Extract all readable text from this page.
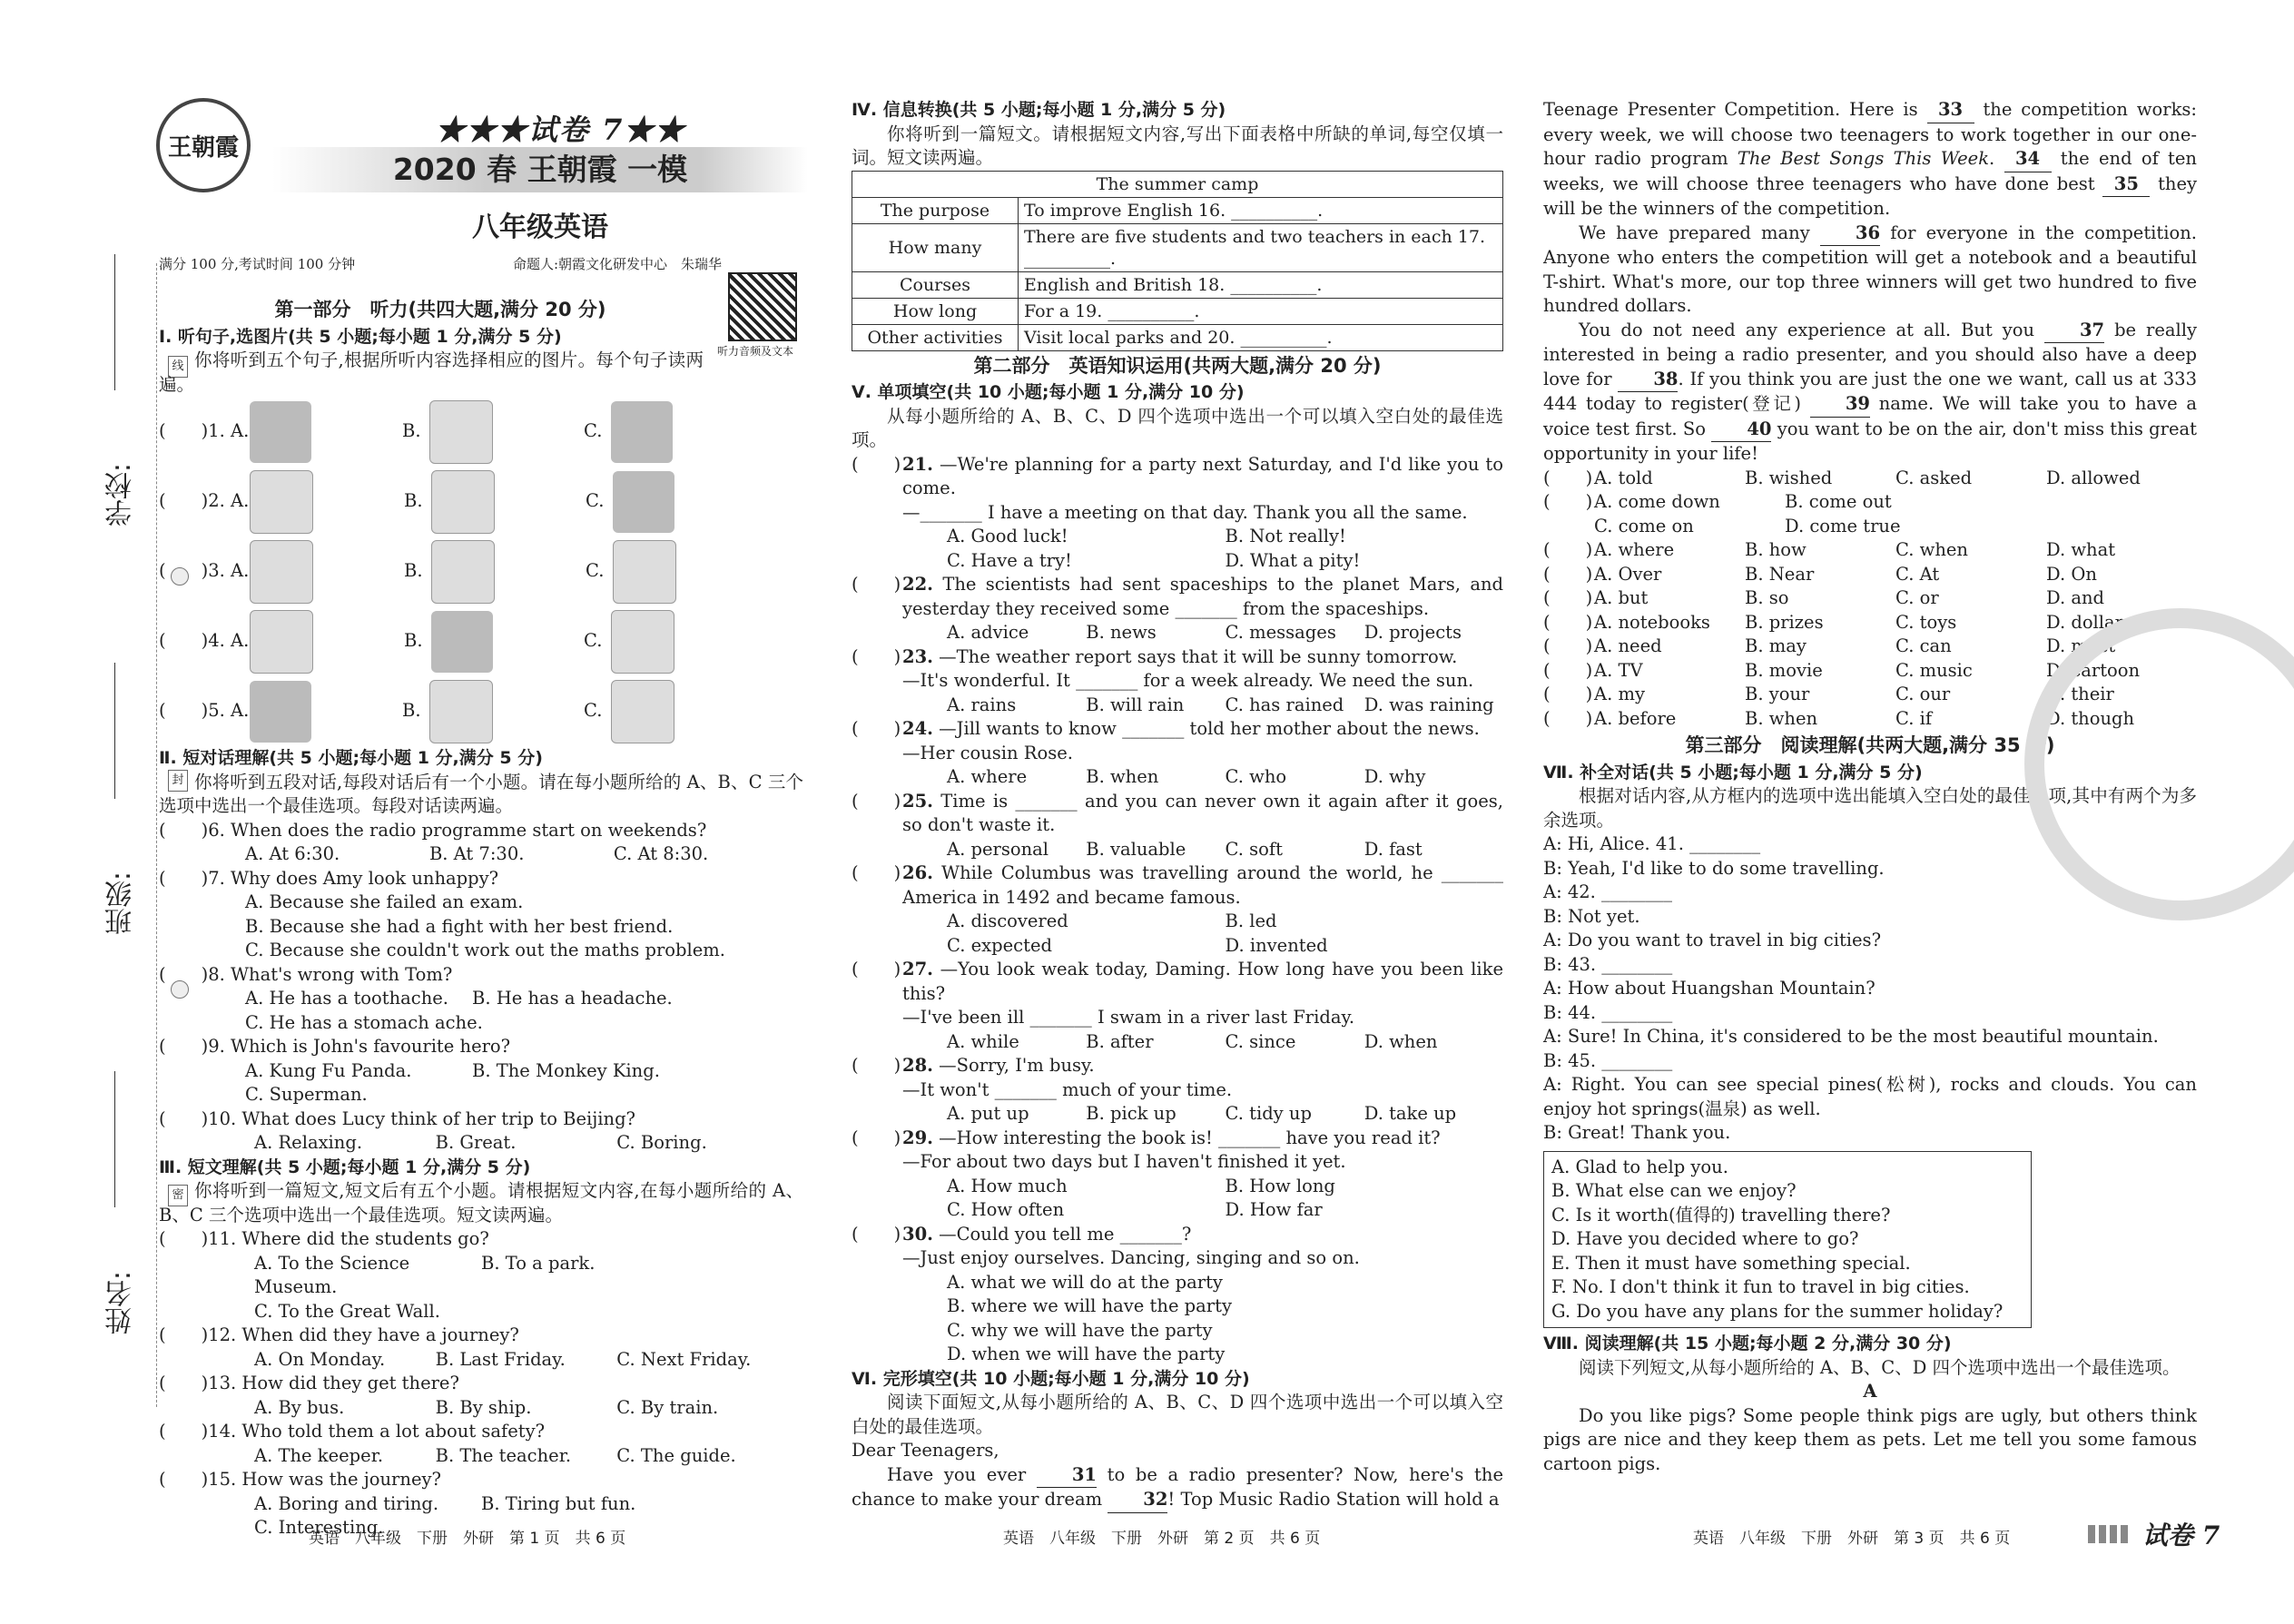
学校:
班级:
姓名:
线
封
密
王朝霞
★★★试卷 7★★
2020 春 王朝霞 一模
八年级英语
满分 100 分,考试时间 100 分钟	命题人:朝霞文化研发中心　朱瑞华
听力音频及文本
第一部分　听力(共四大题,满分 20 分)
Ⅰ. 听句子,选图片(共 5 小题;每小题 1 分,满分 5 分)
你将听到五个句子,根据所听内容选择相应的图片。每个句子读两遍。
(　　)1. A.	B.	C.
(　　)2. A.	B.	C.
(　　)3. A.	B.	C.
(　　)4. A.	B.	C.
(　　)5. A.	B.	C.
Ⅱ. 短对话理解(共 5 小题;每小题 1 分,满分 5 分)
你将听到五段对话,每段对话后有一个小题。请在每小题所给的 A、B、C 三个选项中选出一个最佳选项。每段对话读两遍。
(　　)6. When does the radio programme start on weekends?
A. At 6:30.	B. At 7:30.	C. At 8:30.
(　　)7. Why does Amy look unhappy?
A. Because she failed an exam.
B. Because she had a fight with her best friend.
C. Because she couldn't work out the maths problem.
(　　)8. What's wrong with Tom?
A. He has a toothache.	B. He has a headache.
C. He has a stomach ache.
(　　)9. Which is John's favourite hero?
A. Kung Fu Panda.	B. The Monkey King.
C. Superman.
(　　)10. What does Lucy think of her trip to Beijing?
A. Relaxing.	B. Great.	C. Boring.
Ⅲ. 短文理解(共 5 小题;每小题 1 分,满分 5 分)
你将听到一篇短文,短文后有五个小题。请根据短文内容,在每小题所给的 A、B、C 三个选项中选出一个最佳选项。短文读两遍。
(　　)11. Where did the students go?
A. To the Science Museum.
B. To a park.
C. To the Great Wall.
(　　)12. When did they have a journey?
A. On Monday.	B. Last Friday.	C. Next Friday.
(　　)13. How did they get there?
A. By bus.	B. By ship.	C. By train.
(　　)14. Who told them a lot about safety?
A. The keeper.	B. The teacher.	C. The guide.
(　　)15. How was the journey?
A. Boring and tiring.	B. Tiring but fun.
C. Interesting.
Ⅳ. 信息转换(共 5 小题;每小题 1 分,满分 5 分)
你将听到一篇短文。请根据短文内容,写出下面表格中所缺的单词,每空仅填一词。短文读两遍。
The summer camp	
The purpose	To improve English 16. __________.
How many	There are five students and two teachers in each 17. __________.
Courses	English and British 18. __________.
How long	For a 19. __________.
Other activities	Visit local parks and 20. __________.
第二部分　英语知识运用(共两大题,满分 20 分)
Ⅴ. 单项填空(共 10 小题;每小题 1 分,满分 10 分)
从每小题所给的 A、B、C、D 四个选项中选出一个可以填入空白处的最佳选项。
(　　) 21. —We're planning for a party next Saturday, and I'd like you to come.
—_______ I have a meeting on that day. Thank you all the same.
A. Good luck!	B. Not really!
C. Have a try!	D. What a pity!
(　　) 22. The scientists had sent spaceships to the planet Mars, and yesterday they received some _______ from the spaceships.
A. advice	B. news	C. messages	D. projects
(　　) 23. —The weather report says that it will be sunny tomorrow.
—It's wonderful. It _______ for a week already. We need the sun.
A. rains	B. will rain	C. has rained	D. was raining
(　　) 24. —Jill wants to know _______ told her mother about the news.
—Her cousin Rose.
A. where	B. when	C. who	D. why
(　　) 25. Time is _______ and you can never own it again after it goes, so don't waste it.
A. personal	B. valuable	C. soft	D. fast
(　　) 26. While Columbus was travelling around the world, he _______ America in 1492 and became famous.
A. discovered	B. led
C. expected	D. invented
(　　) 27. —You look weak today, Daming. How long have you been like this?
—I've been ill _______ I swam in a river last Friday.
A. while	B. after	C. since	D. when
(　　) 28. —Sorry, I'm busy.
—It won't _______ much of your time.
A. put up	B. pick up	C. tidy up	D. take up
(　　) 29. —How interesting the book is! _______ have you read it?
—For about two days but I haven't finished it yet.
A. How much	B. How long
C. How often	D. How far
(　　) 30. —Could you tell me _______?
—Just enjoy ourselves. Dancing, singing and so on.
A. what we will do at the party
B. where we will have the party
C. why we will have the party
D. when we will have the party
Ⅵ. 完形填空(共 10 小题;每小题 1 分,满分 10 分)
阅读下面短文,从每小题所给的 A、B、C、D 四个选项中选出一个可以填入空白处的最佳选项。
Dear Teenagers,
Have you ever	31 to be a radio presenter? Now, here's the chance to make your dream 32! Top Music Radio Station will hold a
Teenage Presenter Competition. Here is 33 the competition works: every week, we will choose two teenagers to work together in our one-hour radio program The Best Songs This Week. 34 the end of ten weeks, we will choose three teenagers who have done best 35 they will be the winners of the competition.
We have prepared many	36 for everyone in the competition. Anyone who enters the competition will get a notebook and a beautiful T-shirt. What's more, our top three winners will get two hundred to five hundred dollars.
You do not need any experience at all. But you	37 be really interested in being a radio presenter, and you should also have a deep love for 38. If you think you are just the one we want, call us at 333 444 today to register(登记)	39 name. We will take you to have a voice test first. So 40 you want to be on the air, don't miss this great opportunity in your life!
(　　) A. told	B. wished	C. asked	D. allowed
(　　) A. come down	B. come out
C. come on	D. come true
(　　) A. where	B. how	C. when	D. what
(　　) A. Over	B. Near	C. At	D. On
(　　) A. but	B. so	C. or	D. and
(　　) A. notebooks	B. prizes	C. toys	D. dollars
(　　) A. need	B. may	C. can	D. must
(　　) A. TV	B. movie	C. music	D. cartoon
(　　) A. my	B. your	C. our	D. their
(　　) A. before	B. when	C. if	D. though
第三部分　阅读理解(共两大题,满分 35 分)
Ⅶ. 补全对话(共 5 小题;每小题 1 分,满分 5 分)
根据对话内容,从方框内的选项中选出能填入空白处的最佳选项,其中有两个为多余选项。
A: Hi, Alice. 41. ________
B: Yeah, I'd like to do some travelling.
A: 42. ________
B: Not yet.
A: Do you want to travel in big cities?
B: 43. ________
A: How about Huangshan Mountain?
B: 44. ________
A: Sure! In China, it's considered to be the most beautiful mountain.
B: 45. ________
A: Right. You can see special pines(松树), rocks and clouds. You can enjoy hot springs(温泉) as well.
B: Great! Thank you.
A. Glad to help you.
B. What else can we enjoy?
C. Is it worth(值得的) travelling there?
D. Have you decided where to go?
E. Then it must have something special.
F. No. I don't think it fun to travel in big cities.
G. Do you have any plans for the summer holiday?
Ⅷ. 阅读理解(共 15 小题;每小题 2 分,满分 30 分)
阅读下列短文,从每小题所给的 A、B、C、D 四个选项中选出一个最佳选项。
A
Do you like pigs? Some people think pigs are ugly, but others think pigs are nice and they keep them as pets. Let me tell you some famous cartoon pigs.
英语　八年级　下册　外研　第 1 页　共 6 页	英语　八年级　下册　外研　第 2 页　共 6 页	英语　八年级　下册　外研　第 3 页　共 6 页	试卷 7
